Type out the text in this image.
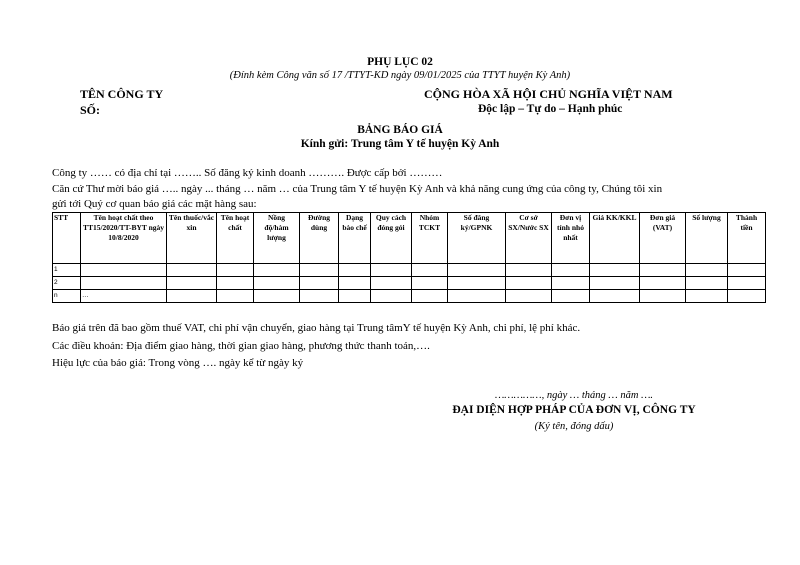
PHỤ LỤC 02
(Đính kèm Công văn số 17 /TTYT-KD ngày 09/01/2025 của TTYT huyện Kỳ Anh)
TÊN CÔNG TY
SỐ:
CỘNG HÒA XÃ HỘI CHỦ NGHĨA VIỆT NAM
Độc lập – Tự do – Hạnh phúc
BẢNG BÁO GIÁ
Kính gửi: Trung tâm Y tế huyện Kỳ Anh
Công ty …… có địa chỉ tại …….. Số đăng ký kinh doanh ………. Được cấp bởi ………
Căn cứ Thư mời báo giá ….. ngày ... tháng … năm … của Trung tâm Y tế huyện Kỳ Anh và khả năng cung ứng của công ty, Chúng tôi xin
gửi tới Quý cơ quan báo giá các mặt hàng sau:
STT	Tên hoạt chất theo TT15/2020/TT-BYT ngày 10/8/2020	Tên thuốc/vắc xin	Tên hoạt chất	Nồng độ/hàm lượng	Đường dùng	Dạng bào chế	Quy cách đóng gói	Nhóm TCKT	Số đăng ký/GPNK	Cơ sở SX/Nước SX	Đơn vị tính nhỏ nhất	Giá KK/KKL	Đơn giá (VAT)	Số lượng	Thành tiền
1															
2															
n	…														
Báo giá trên đã bao gồm thuế VAT, chi phí vận chuyển, giao hàng tại Trung tâmY tế huyện Kỳ Anh, chi phí, lệ phí khác.
Các điều khoản: Địa điểm giao hàng, thời gian giao hàng, phương thức thanh toán,….
Hiệu lực của báo giá: Trong vòng …. ngày kể từ ngày ký
……………, ngày … tháng … năm ….
ĐẠI DIỆN HỢP PHÁP CỦA ĐƠN VỊ, CÔNG TY
(Ký tên, đóng dấu)
